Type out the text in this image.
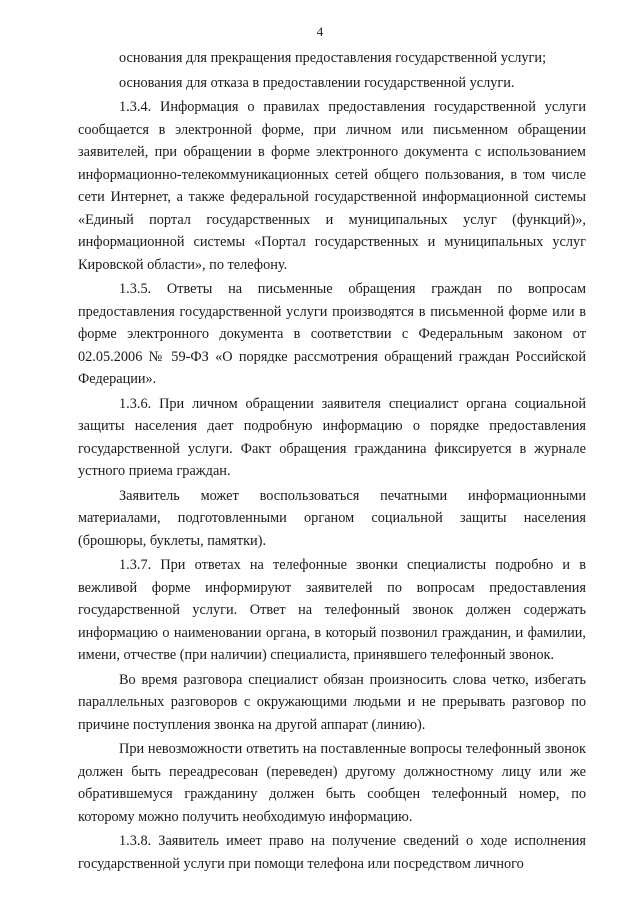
4

основания для прекращения предоставления государственной услуги;

основания для отказа в предоставлении государственной услуги.

1.3.4. Информация о правилах предоставления государственной услуги сообщается в электронной форме, при личном или письменном обращении заявителей, при обращении в форме электронного документа с использованием информационно-телекоммуникационных сетей общего пользования, в том числе сети Интернет, а также федеральной государственной информационной системы «Единый портал государственных и муниципальных услуг (функций)», информационной системы «Портал государственных и муниципальных услуг Кировской области», по телефону.

1.3.5. Ответы на письменные обращения граждан по вопросам предоставления государственной услуги производятся в письменной форме или в форме электронного документа в соответствии с Федеральным законом от 02.05.2006 № 59-ФЗ «О порядке рассмотрения обращений граждан Российской Федерации».

1.3.6. При личном обращении заявителя специалист органа социальной защиты населения дает подробную информацию о порядке предоставления государственной услуги. Факт обращения гражданина фиксируется в журнале устного приема граждан.

Заявитель может воспользоваться печатными информационными материалами, подготовленными органом социальной защиты населения (брошюры, буклеты, памятки).

1.3.7. При ответах на телефонные звонки специалисты подробно и в вежливой форме информируют заявителей по вопросам предоставления государственной услуги. Ответ на телефонный звонок должен содержать информацию о наименовании органа, в который позвонил гражданин, и фамилии, имени, отчестве (при наличии) специалиста, принявшего телефонный звонок.

Во время разговора специалист обязан произносить слова четко, избегать параллельных разговоров с окружающими людьми и не прерывать разговор по причине поступления звонка на другой аппарат (линию).

При невозможности ответить на поставленные вопросы телефонный звонок должен быть переадресован (переведен) другому должностному лицу или же обратившемуся гражданину должен быть сообщен телефонный номер, по которому можно получить необходимую информацию.

1.3.8. Заявитель имеет право на получение сведений о ходе исполнения государственной услуги при помощи телефона или посредством личного
